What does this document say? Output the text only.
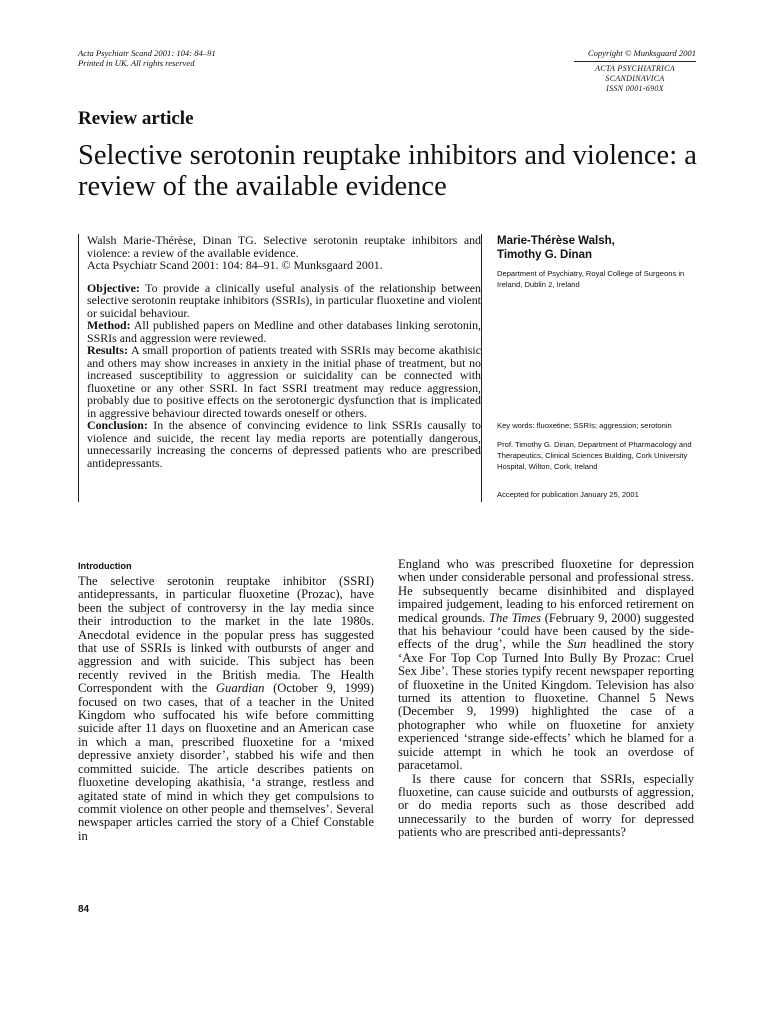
Acta Psychiatr Scand 2001: 104: 84–91
Printed in UK. All rights reserved
Copyright © Munksgaard 2001
ACTA PSYCHIATRICA
SCANDINAVICA
ISSN 0001-690X
Review article
Selective serotonin reuptake inhibitors and violence: a review of the available evidence

Walsh Marie-Thérèse, Dinan TG. Selective serotonin reuptake inhibitors and violence: a review of the available evidence.

Acta Psychiatr Scand 2001: 104: 84–91. © Munksgaard 2001.

Objective: To provide a clinically useful analysis of the relationship between selective serotonin reuptake inhibitors (SSRIs), in particular fluoxetine and violent or suicidal behaviour.
Method: All published papers on Medline and other databases linking serotonin, SSRIs and aggression were reviewed.
Results: A small proportion of patients treated with SSRIs may become akathisic and others may show increases in anxiety in the initial phase of treatment, but no increased susceptibility to aggression or suicidality can be connected with fluoxetine or any other SSRI. In fact SSRI treatment may reduce aggression, probably due to positive effects on the serotonergic dysfunction that is implicated in aggressive behaviour directed towards oneself or others.
Conclusion: In the absence of convincing evidence to link SSRIs causally to violence and suicide, the recent lay media reports are potentially dangerous, unnecessarily increasing the concerns of depressed patients who are prescribed antidepressants.
Marie-Thérèse Walsh,
Timothy G. Dinan
Department of Psychiatry, Royal College of Surgeons in Ireland, Dublin 2, Ireland
Key words: fluoxetine; SSRIs; aggression; serotonin
Prof. Timothy G. Dinan, Department of Pharmacology and Therapeutics, Clinical Sciences Building, Cork University Hospital, Wilton, Cork, Ireland
Accepted for publication January 25, 2001
Introduction

The selective serotonin reuptake inhibitor (SSRI) antidepressants, in particular fluoxetine (Prozac), have been the subject of controversy in the lay media since their introduction to the market in the late 1980s. Anecdotal evidence in the popular press has suggested that use of SSRIs is linked with outbursts of anger and aggression and with suicide. This subject has been recently revived in the British media. The Health Correspondent with the Guardian (October 9, 1999) focused on two cases, that of a teacher in the United Kingdom who suffocated his wife before committing suicide after 11 days on fluoxetine and an American case in which a man, prescribed fluoxetine for a ‘mixed depressive anxiety disorder’, stabbed his wife and then committed suicide. The article describes patients on fluoxetine developing akathisia, ‘a strange, restless and agitated state of mind in which they get compulsions to commit violence on other people and themselves’. Several newspaper articles carried the story of a Chief Constable in

England who was prescribed fluoxetine for depression when under considerable personal and professional stress. He subsequently became disinhibited and displayed impaired judgement, leading to his enforced retirement on medical grounds. The Times (February 9, 2000) suggested that his behaviour ‘could have been caused by the side-effects of the drug’, while the Sun headlined the story ‘Axe For Top Cop Turned Into Bully By Prozac: Cruel Sex Jibe’. These stories typify recent newspaper reporting of fluoxetine in the United Kingdom. Television has also turned its attention to fluoxetine. Channel 5 News (December 9, 1999) highlighted the case of a photographer who while on fluoxetine for anxiety experienced ‘strange side-effects’ which he blamed for a suicide attempt in which he took an overdose of paracetamol.

Is there cause for concern that SSRIs, especially fluoxetine, can cause suicide and outbursts of aggression, or do media reports such as those described add unnecessarily to the burden of worry for depressed patients who are prescribed anti-depressants?

84
